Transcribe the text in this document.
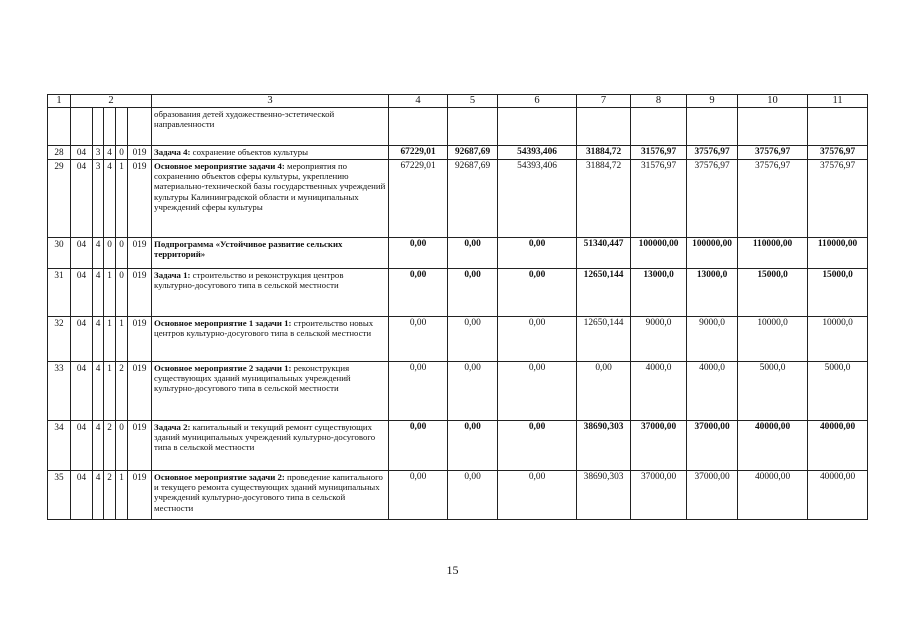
1	2					3	4	5	6	7	8	9	10	11
						образования детей художественно-эстетической направленности								
28	04	3	4	0	019	Задача 4: сохранение объектов культуры	67229,01	92687,69	54393,406	31884,72	31576,97	37576,97	37576,97	37576,97
29	04	3	4	1	019	Основное мероприятие задачи 4: мероприятия по сохранению объектов сферы культуры, укреплению материально-технической базы государственных учреждений культуры Калининградской области и муниципальных учреждений сферы культуры	67229,01	92687,69	54393,406	31884,72	31576,97	37576,97	37576,97	37576,97
30	04	4	0	0	019	Подпрограмма «Устойчивое развитие сельских территорий»	0,00	0,00	0,00	51340,447	100000,00	100000,00	110000,00	110000,00
31	04	4	1	0	019	Задача 1: строительство и реконструкция центров культурно-досугового типа в сельской местности	0,00	0,00	0,00	12650,144	13000,0	13000,0	15000,0	15000,0
32	04	4	1	1	019	Основное мероприятие 1 задачи 1: строительство новых центров культурно-досугового типа в сельской местности	0,00	0,00	0,00	12650,144	9000,0	9000,0	10000,0	10000,0
33	04	4	1	2	019	Основное мероприятие 2 задачи 1: реконструкция существующих зданий муниципальных учреждений культурно-досугового типа в сельской местности	0,00	0,00	0,00	0,00	4000,0	4000,0	5000,0	5000,0
34	04	4	2	0	019	Задача 2: капитальный и текущий ремонт существующих зданий муниципальных учреждений культурно-досугового типа в сельской местности	0,00	0,00	0,00	38690,303	37000,00	37000,00	40000,00	40000,00
35	04	4	2	1	019	Основное мероприятие задачи 2: проведение капитального и текущего ремонта существующих зданий муниципальных учреждений культурно-досугового типа в сельской местности	0,00	0,00	0,00	38690,303	37000,00	37000,00	40000,00	40000,00
15
